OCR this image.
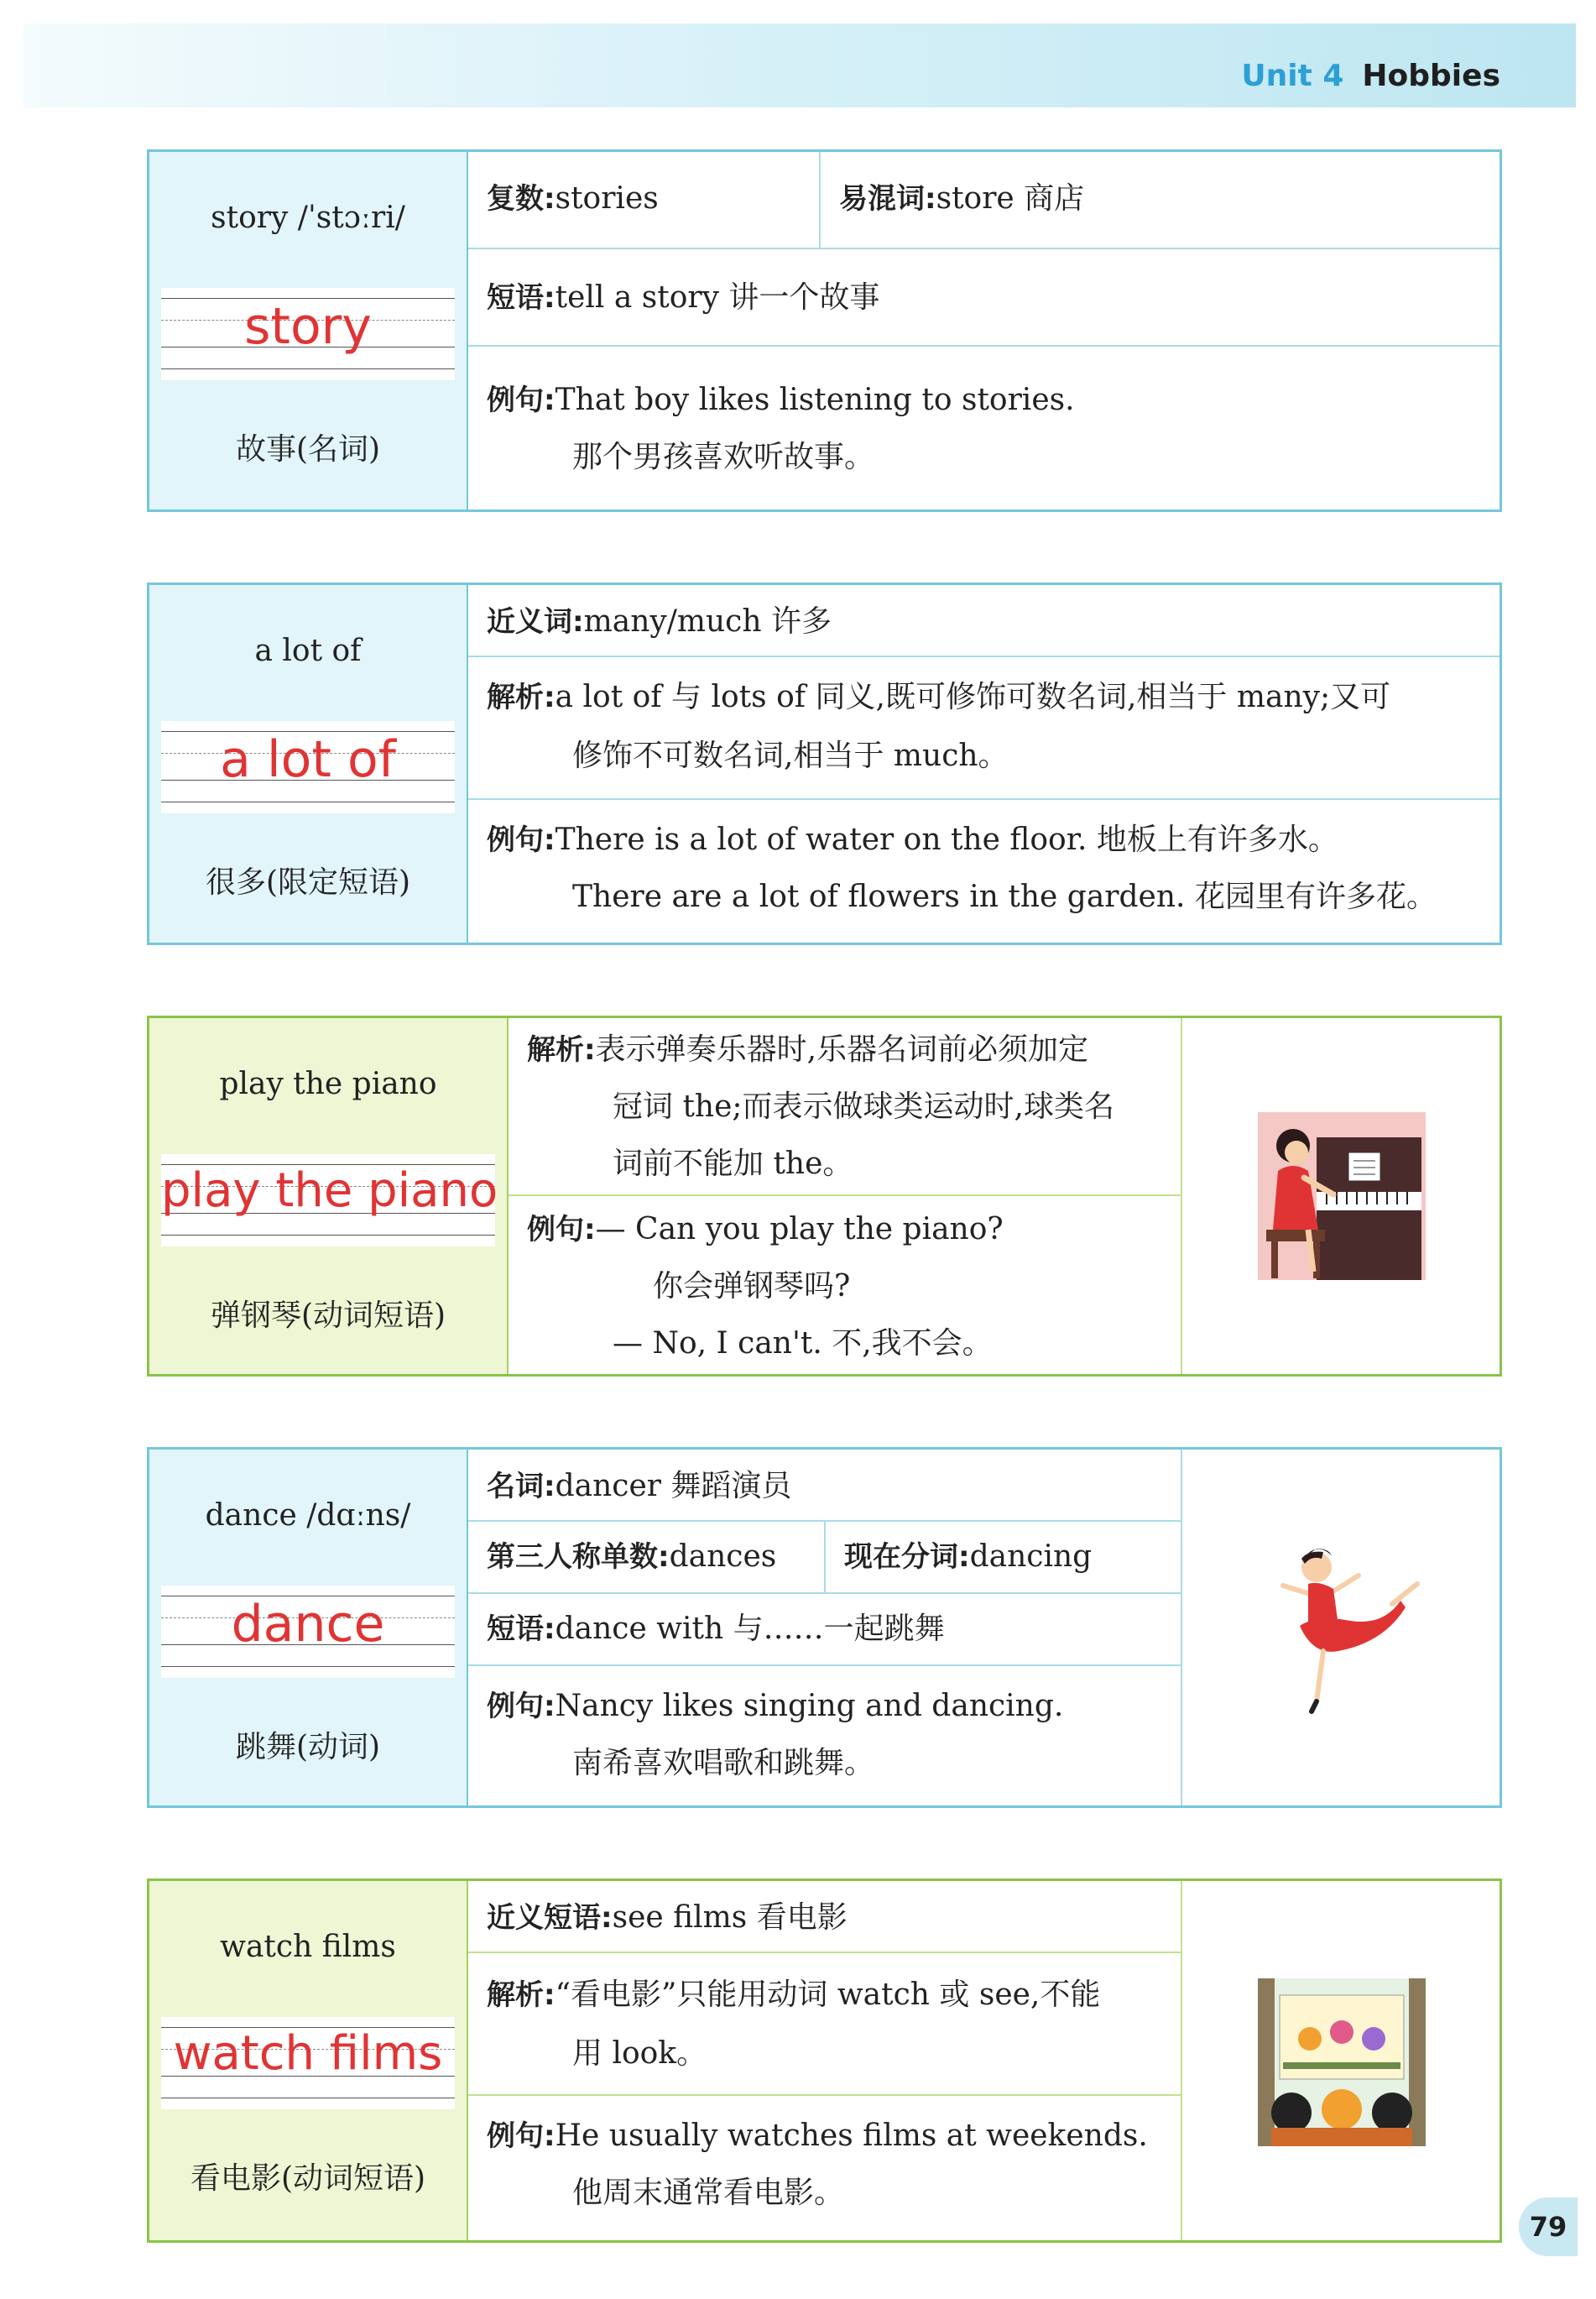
Unit 4 Hobbies
story /ˈstɔːri/
story
故事(名词)
复数:stories	易混词:store 商店
短语:tell a story 讲一个故事
例句:That boy likes listening to stories.
那个男孩喜欢听故事。
a lot of
a lot of
很多(限定短语)
近义词:many/much 许多
解析:a lot of 与 lots of 同义,既可修饰可数名词,相当于 many;又可
修饰不可数名词,相当于 much。
例句:There is a lot of water on the floor. 地板上有许多水。
There are a lot of flowers in the garden. 花园里有许多花。
play the piano
play the piano
弹钢琴(动词短语)
解析:表示弹奏乐器时,乐器名词前必须加定
冠词 the;而表示做球类运动时,球类名
词前不能加 the。
例句:— Can you play the piano?
你会弹钢琴吗?
— No, I can't. 不,我不会。
dance /dɑːns/
dance
跳舞(动词)
名词:dancer 舞蹈演员
第三人称单数:dances	现在分词:dancing
短语:dance with 与……一起跳舞
例句:Nancy likes singing and dancing.
南希喜欢唱歌和跳舞。
watch films
watch films
看电影(动词短语)
近义短语:see films 看电影
解析:“看电影”只能用动词 watch 或 see,不能
用 look。
例句:He usually watches films at weekends.
他周末通常看电影。
79
